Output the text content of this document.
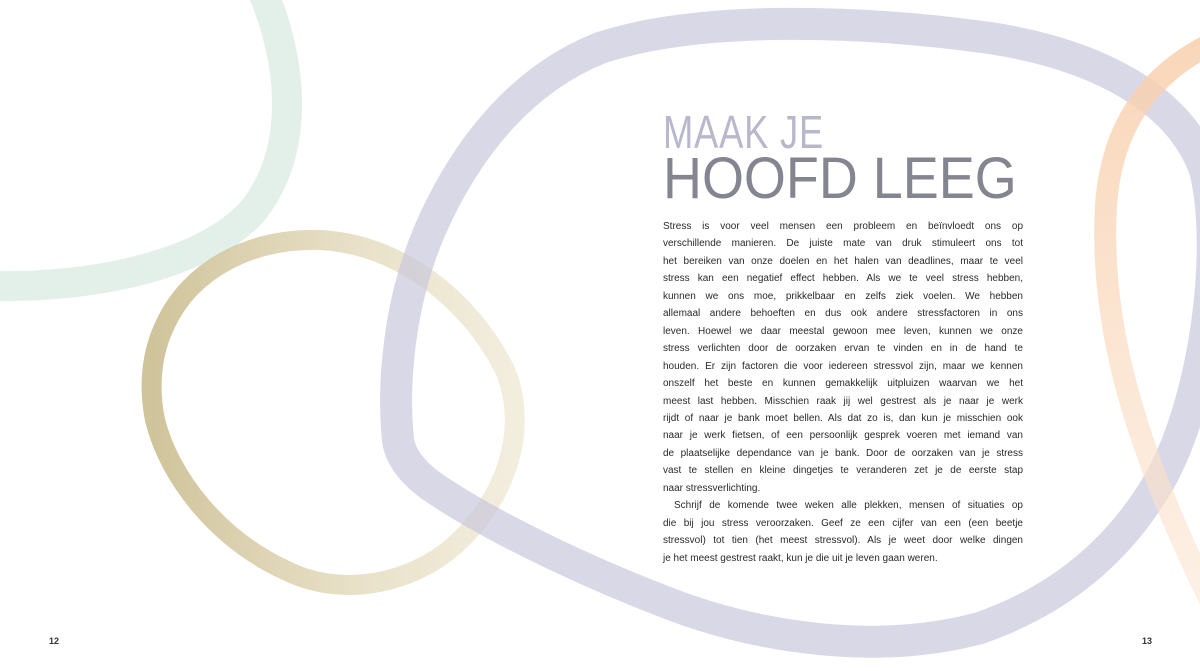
MAAK JE
HOOFD LEEG
Stress is voor veel mensen een probleem en beïnvloedt ons op
verschillende manieren. De juiste mate van druk stimuleert ons tot
het bereiken van onze doelen en het halen van deadlines, maar te veel
stress kan een negatief effect hebben. Als we te veel stress hebben,
kunnen we ons moe, prikkelbaar en zelfs ziek voelen. We hebben
allemaal andere behoeften en dus ook andere stressfactoren in ons
leven. Hoewel we daar meestal gewoon mee leven, kunnen we onze
stress verlichten door de oorzaken ervan te vinden en in de hand te
houden. Er zijn factoren die voor iedereen stressvol zijn, maar we kennen
onszelf het beste en kunnen gemakkelijk uitpluizen waarvan we het
meest last hebben. Misschien raak jij wel gestrest als je naar je werk
rijdt of naar je bank moet bellen. Als dat zo is, dan kun je misschien ook
naar je werk fietsen, of een persoonlijk gesprek voeren met iemand van
de plaatselijke dependance van je bank. Door de oorzaken van je stress
vast te stellen en kleine dingetjes te veranderen zet je de eerste stap
naar stressverlichting.
Schrijf de komende twee weken alle plekken, mensen of situaties op
die bij jou stress veroorzaken. Geef ze een cijfer van een (een beetje
stressvol) tot tien (het meest stressvol). Als je weet door welke dingen
je het meest gestrest raakt, kun je die uit je leven gaan weren.
12	13
